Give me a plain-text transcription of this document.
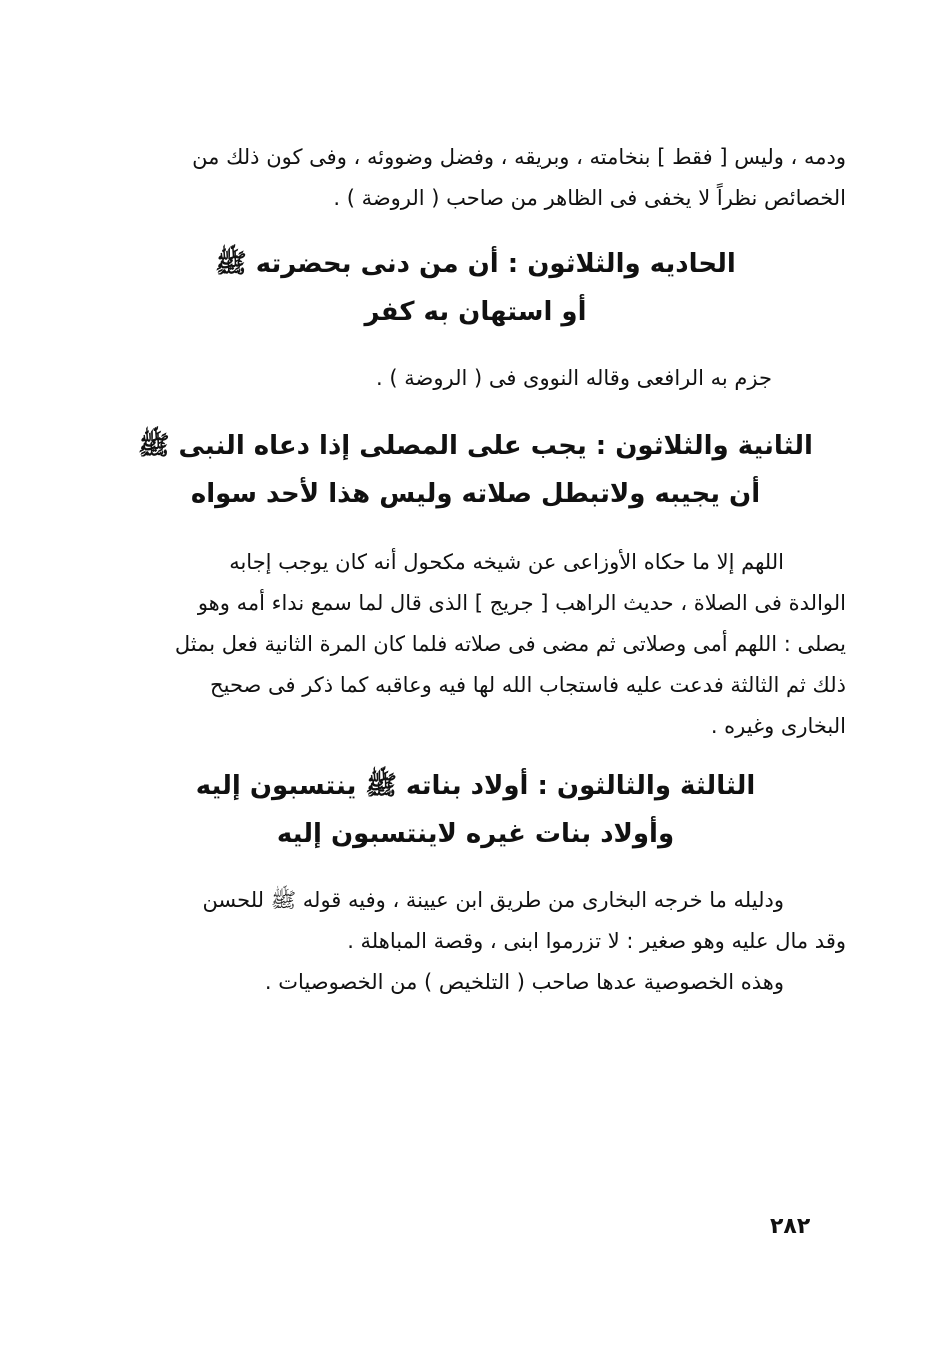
ودمه ، وليس [ فقط ] بنخامته ، وبريقه ، وفضل وضووئه ، وفى كون ذلك من
الخصائص نظراً لا يخفى فى الظاهر من صاحب ( الروضة ) .
الحاديه والثلاثون : أن من دنى بحضرته ﷺ
أو استهان به كفر
جزم به الرافعى وقاله النووى فى ( الروضة ) .
الثانية والثلاثون : يجب على المصلى إذا دعاه النبى ﷺ
أن يجيبه ولاتبطل صلاته وليس هذا لأحد سواه
اللهم إلا ما حكاه الأوزاعى عن شيخه مكحول أنه كان يوجب إجابه
الوالدة فى الصلاة ، حديث الراهب [ جريج ] الذى قال لما سمع نداء أمه وهو
يصلى : اللهم أمى وصلاتى ثم مضى فى صلاته فلما كان المرة الثانية فعل بمثل
ذلك ثم الثالثة فدعت عليه فاستجاب الله لها فيه وعاقبه كما ذكر فى صحيح
البخارى وغيره .
الثالثة والثالثون : أولاد بناته ﷺ ينتسبون إليه
وأولاد بنات غيره لاينتسبون إليه
ودليله ما خرجه البخارى من طريق ابن عيينة ، وفيه قوله ﷺ للحسن
وقد مال عليه وهو صغير : لا تزرموا ابنى ، وقصة المباهلة .
وهذه الخصوصية عدها صاحب ( التلخيص ) من الخصوصيات .
٢٨٢
